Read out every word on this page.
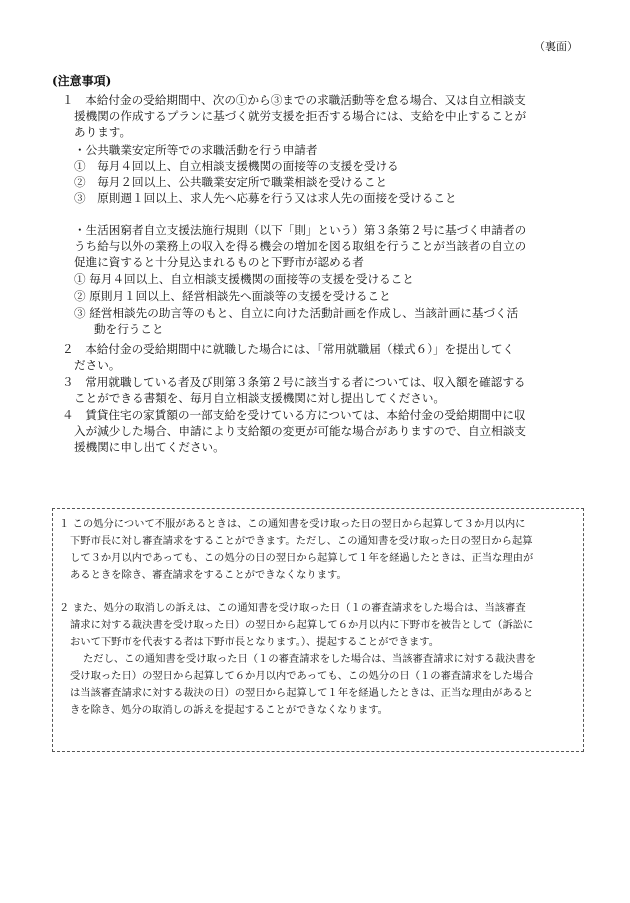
（裏面）
(注意事項)
１　本給付金の受給期間中、次の①から③までの求職活動等を怠る場合、又は自立相談支
援機関の作成するプランに基づく就労支援を拒否する場合には、支給を中止することが
あります。
・公共職業安定所等での求職活動を行う申請者
①　毎月４回以上、自立相談支援機関の面接等の支援を受ける
②　毎月２回以上、公共職業安定所で職業相談を受けること
③　原則週１回以上、求人先へ応募を行う又は求人先の面接を受けること
・生活困窮者自立支援法施行規則（以下「則」という）第３条第２号に基づく申請者の
うち給与以外の業務上の収入を得る機会の増加を図る取組を行うことが当該者の自立の
促進に資すると十分見込まれるものと下野市が認める者
① 毎月４回以上、自立相談支援機関の面接等の支援を受けること
② 原則月１回以上、経営相談先へ面談等の支援を受けること
③ 経営相談先の助言等のもと、自立に向けた活動計画を作成し、当該計画に基づく活
動を行うこと
２　本給付金の受給期間中に就職した場合には、「常用就職届（様式６）」を提出してく
ださい。
３　常用就職している者及び則第３条第２号に該当する者については、収入額を確認する
ことができる書類を、毎月自立相談支援機関に対し提出してください。
４　賃貸住宅の家賃額の一部支給を受けている方については、本給付金の受給期間中に収
入が減少した場合、申請により支給額の変更が可能な場合がありますので、自立相談支
援機関に申し出てください。
１ この処分について不服があるときは、この通知書を受け取った日の翌日から起算して３か月以内に
下野市長に対し審査請求をすることができます。ただし、この通知書を受け取った日の翌日から起算
して３か月以内であっても、この処分の日の翌日から起算して１年を経過したときは、正当な理由が
あるときを除き、審査請求をすることができなくなります。
２ また、処分の取消しの訴えは、この通知書を受け取った日（１の審査請求をした場合は、当該審査
請求に対する裁決書を受け取った日）の翌日から起算して６か月以内に下野市を被告として（訴訟に
おいて下野市を代表する者は下野市長となります。）、提起することができます。
ただし、この通知書を受け取った日（１の審査請求をした場合は、当該審査請求に対する裁決書を
受け取った日）の翌日から起算して６か月以内であっても、この処分の日（１の審査請求をした場合
は当該審査請求に対する裁決の日）の翌日から起算して１年を経過したときは、正当な理由があると
きを除き、処分の取消しの訴えを提起することができなくなります。
